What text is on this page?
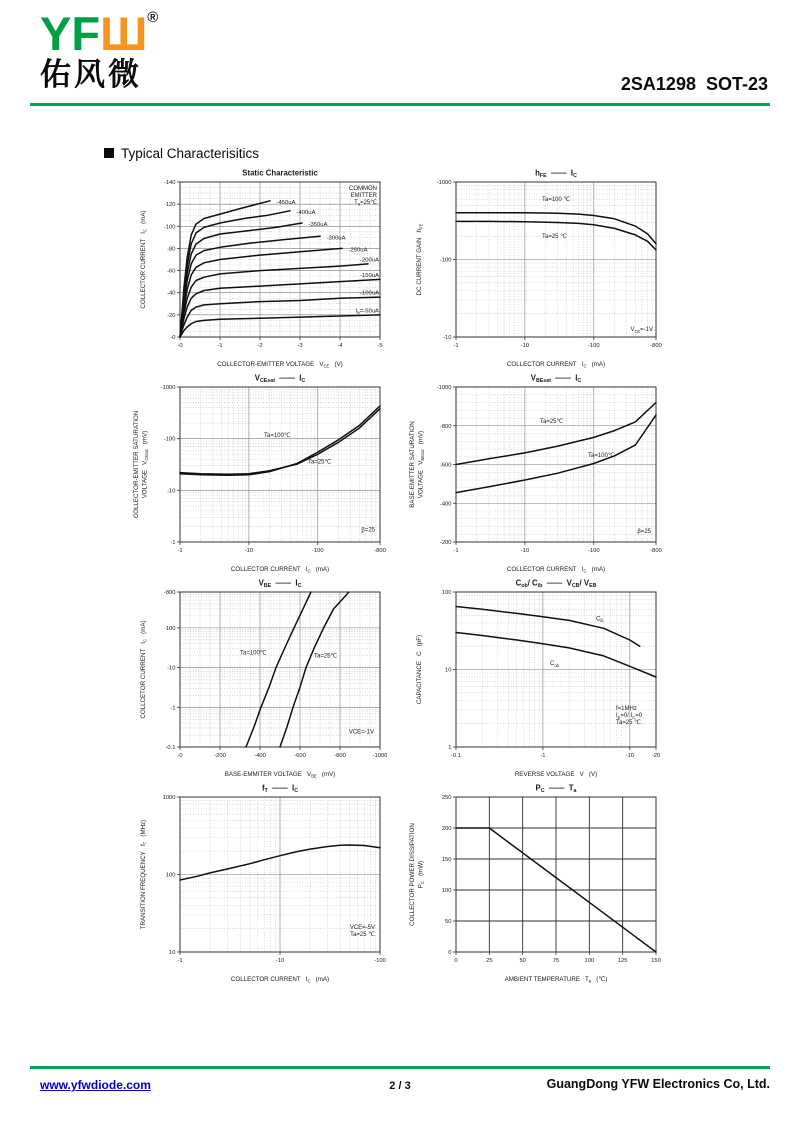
YFШ®
佑风微	2SA1298  SOT-23
Typical Characterisitics
-0	-1	-2	-3	-4	-5
-0
-20
-40
-60
-80
-100
-120
-140
-450uA
-400uA
-350uA
-300uA
-250uA
-200uA
-150uA
-100uA
$I_B=-50uA$
COMMON
EMITTER
$T_a=25℃$
Static Characteristic
COLLECTOR-EMITTER VOLTAGE   $V_{CE}$   (V)
COLLECTOR CURRENT   $I_C$   (mA)
-1	-10	-100	-800
-10
-100
-1000
Ta=100 ℃
Ta=25 ℃
$V_{CE}=-1V$
$h_{FE}$  ——  $I_C$
COLLECTOR CURRENT   $I_C$   (mA)
DC CURRENT GAIN   $h_{FE}$
-1	-10	-100	-800
-1
-10
-100
-1000
Ta=100℃
Ta=25℃
β=25
$V_{CEsat}$  ——  $I_C$
COLLECTOR CURRENT   $I_C$   (mA)
COLLECTOR-EMITTER SATURATION VOLTAGE   $V_{CEsat}$   (mV)
-1	-10	-100	-800
-200
-400
-600
-800
-1000
Ta=25℃
Ta=100℃
β=25
$V_{BEsat}$  ——  $I_C$
COLLECTOR CURRENT   $I_C$   (mA)
BASE-EMITTER SATURATION VOLTAGE   $V_{BEsat}$   (mV)
-0	-200	-400	-600	-800	-1000
-0.1
-1
-10
-100
-800
Ta=100℃
Ta=25℃
VCE=-1V
$V_{BE}$  ——  $I_C$
BASE-EMMITER VOLTAGE   $V_{BE}$   (mV)
COLLCETOR CURRENT   $I_C$   (mA)
-0.1	-1	-10	-20
1
10
100
$C_{ib}$
$C_{ob}$
f=1MHz
$I_E=0/$ $I_C=0$
Ta=25 ℃
$C_{ob}/$ $C_{ib}$  ——  $V_{CB}/$ $V_{EB}$
REVERSE VOLTAGE   V   (V)
CAPACITANCE   C   (pF)
-1	-10	-100
10
100
1000
VCE=-5V
Ta=25 ℃
$f_T$  ——  $I_C$
COLLECTOR CURRENT   $I_C$   (mA)
TRANSITION FREQUENCY   $f_T$   (MHz)
0	25	50	75	100	125	150
0
50
100
150
200
250
$P_C$  ——  $T_a$
AMBIENT TEMPERATURE   $T_a$   (℃)
COLLECTOR POWER DISSIPATION $P_C$   (mW)
www.yfwdiode.com	2 / 3	GuangDong YFW Electronics Co, Ltd.
